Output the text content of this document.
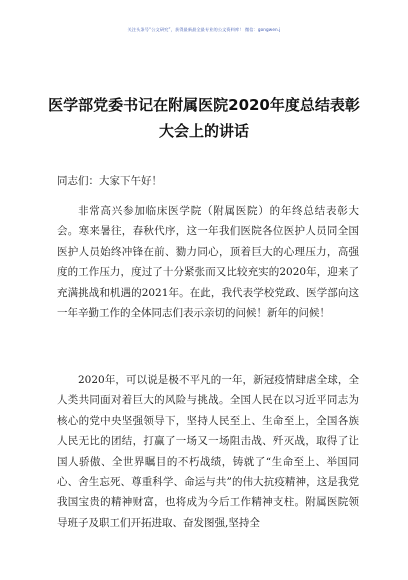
关注头条号“公文研究”，获得最新最全最专业的公文资料库！ 微信：gongwen.j
医学部党委书记在附属医院2020年度总结表彰大会上的讲话
同志们：大家下午好！
非常高兴参加临床医学院（附属医院）的年终总结表彰大会。寒来暑往，春秋代序，这一年我们医院各位医护人员同全国医护人员始终冲锋在前、勠力同心，顶着巨大的心理压力，高强度的工作压力，度过了十分紧张而又比较充实的2020年，迎来了充满挑战和机遇的2021年。在此，我代表学校党政、医学部向这一年辛勤工作的全体同志们表示亲切的问候！新年的问候！
2020年，可以说是极不平凡的一年，新冠疫情肆虐全球，全人类共同面对着巨大的风险与挑战。全国人民在以习近平同志为核心的党中央坚强领导下，坚持人民至上、生命至上，全国各族人民无比的团结，打赢了一场又一场阻击战、歼灭战，取得了让国人骄傲、全世界瞩目的不朽战绩，铸就了“生命至上、举国同心、舍生忘死、尊重科学、命运与共”的伟大抗疫精神，这是我党我国宝贵的精神财富，也将成为今后工作精神支柱。附属医院领导班子及职工们开拓进取、奋发图强,坚持全
